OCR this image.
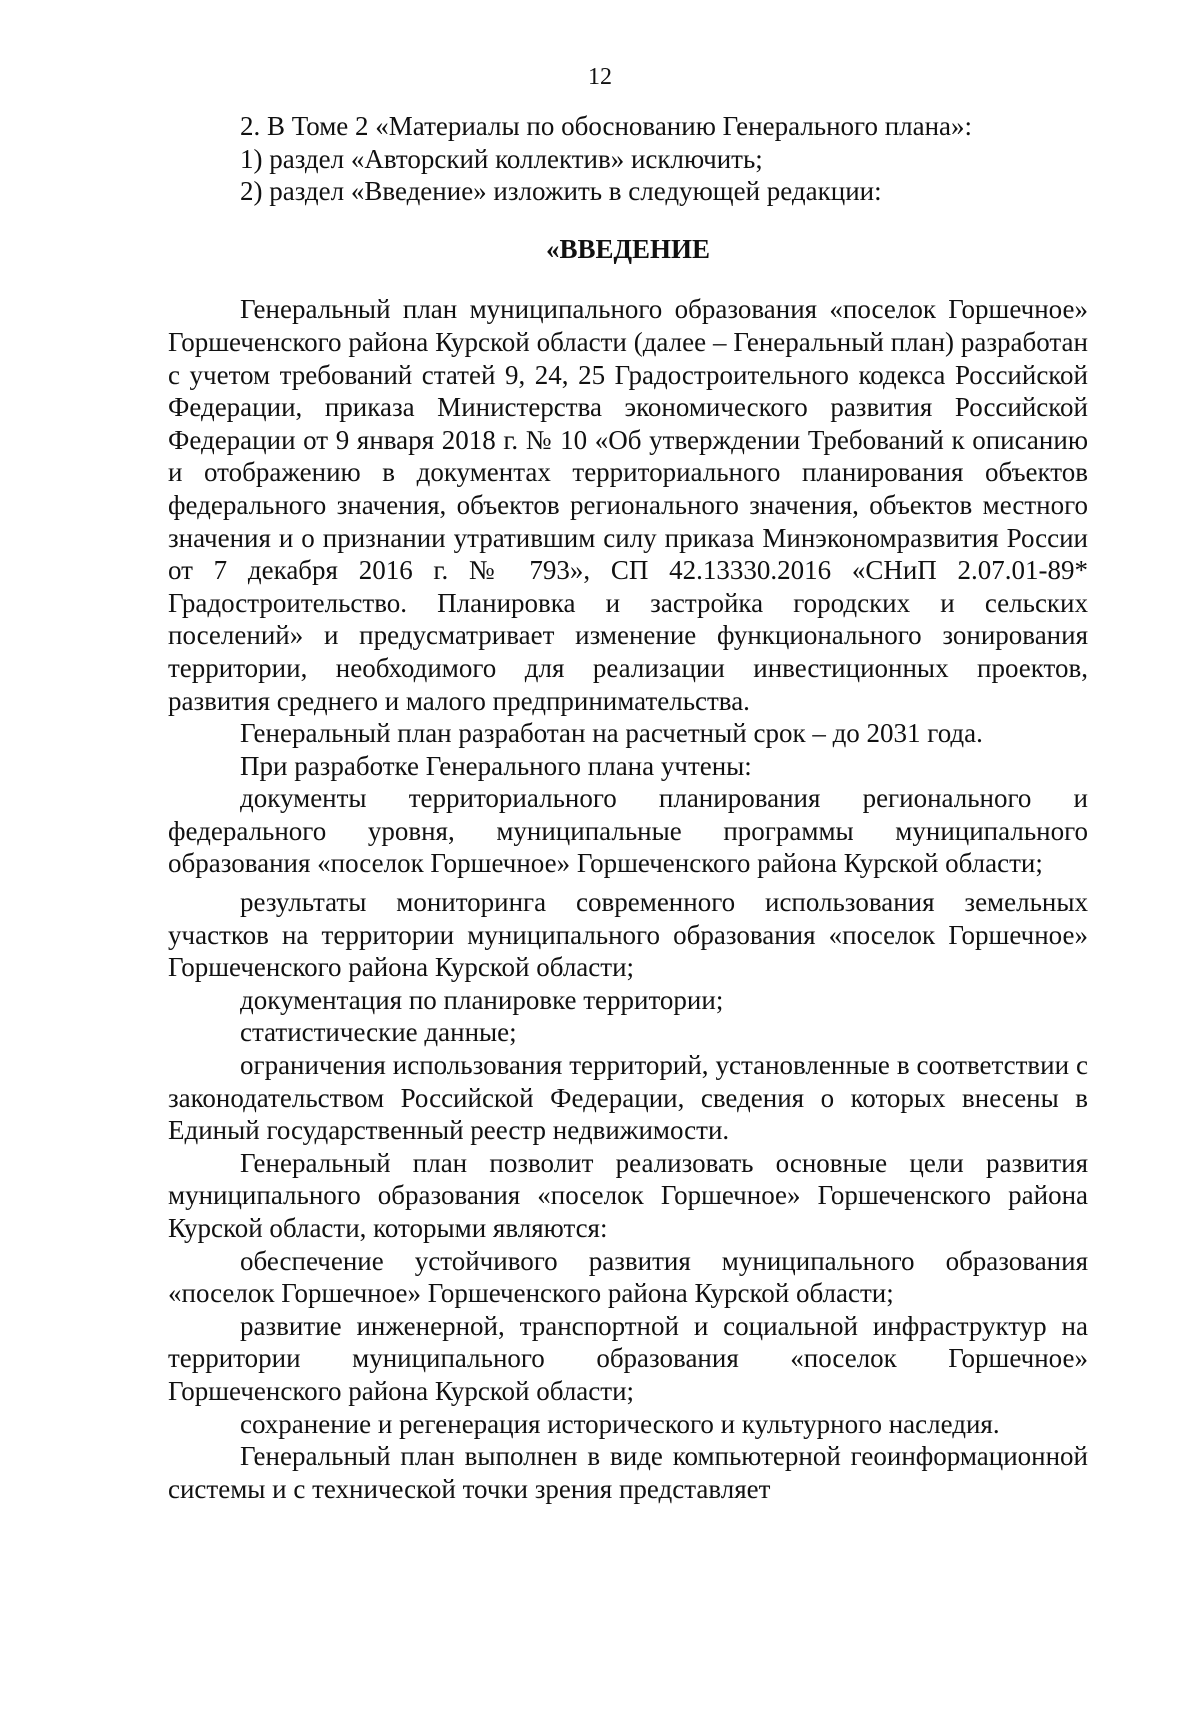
12

2. В Томе 2 «Материалы по обоснованию Генерального плана»:

1) раздел «Авторский коллектив» исключить;

2) раздел «Введение» изложить в следующей редакции:

«ВВЕДЕНИЕ

Генеральный план муниципального образования «поселок Горшечное» Горшеченского района Курской области (далее – Генеральный план) разработан с учетом требований статей 9, 24, 25 Градостроительного кодекса Российской Федерации, приказа Министерства экономического развития Российской Федерации от 9 января 2018 г. № 10 «Об утверждении Требований к описанию и отображению в документах территориального планирования объектов федерального значения, объектов регионального значения, объектов местного значения и о признании утратившим силу приказа Минэкономразвития России от 7 декабря 2016 г. № 793», СП 42.13330.2016 «СНиП 2.07.01-89* Градостроительство. Планировка и застройка городских и сельских поселений» и предусматривает изменение функционального зонирования территории, необходимого для реализации инвестиционных проектов, развития среднего и малого предпринимательства.

Генеральный план разработан на расчетный срок – до 2031 года.

При разработке Генерального плана учтены:

документы территориального планирования регионального и федерального уровня, муниципальные программы муниципального образования «поселок Горшечное» Горшеченского района Курской области;

результаты мониторинга современного использования земельных участков на территории муниципального образования «поселок Горшечное» Горшеченского района Курской области;

документация по планировке территории;

статистические данные;

ограничения использования территорий, установленные в соответствии с законодательством Российской Федерации, сведения о которых внесены в Единый государственный реестр недвижимости.

Генеральный план позволит реализовать основные цели развития муниципального образования «поселок Горшечное» Горшеченского района Курской области, которыми являются:

обеспечение устойчивого развития муниципального образования «поселок Горшечное» Горшеченского района Курской области;

развитие инженерной, транспортной и социальной инфраструктур на территории муниципального образования «поселок Горшечное» Горшеченского района Курской области;

сохранение и регенерация исторического и культурного наследия.

Генеральный план выполнен в виде компьютерной геоинформационной системы и с технической точки зрения представляет
